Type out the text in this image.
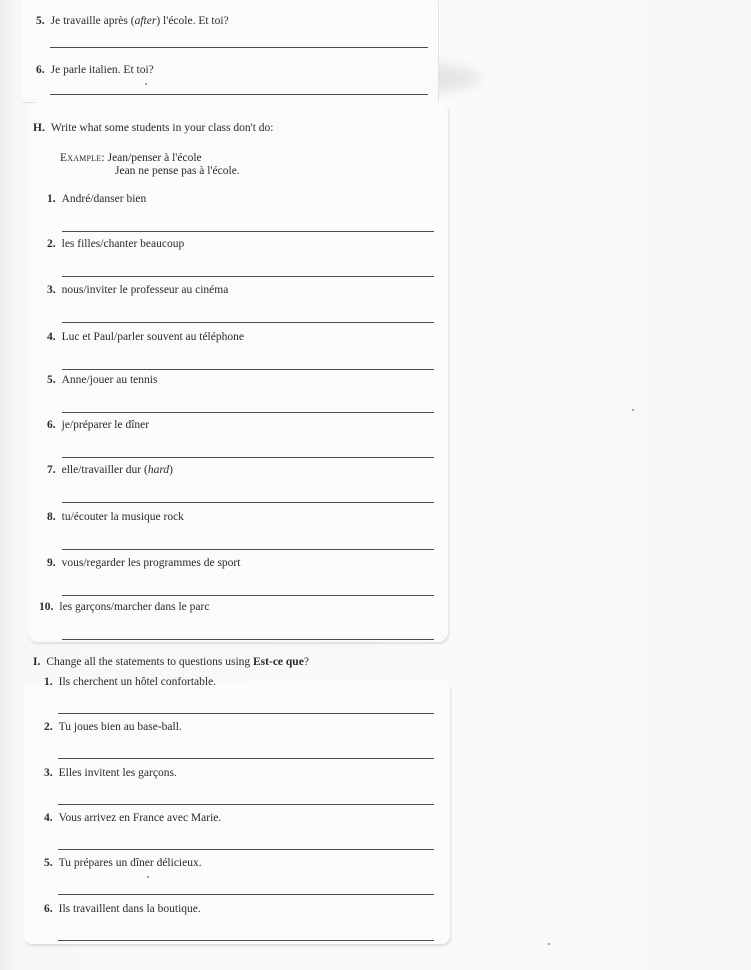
5. Je travaille après (after) l'école. Et toi?
6. Je parle italien. Et toi?
H. Write what some students in your class don't do:
Example: Jean/penser à l'école
Jean ne pense pas à l'école.
1. André/danser bien
2. les filles/chanter beaucoup
3. nous/inviter le professeur au cinéma
4. Luc et Paul/parler souvent au téléphone
5. Anne/jouer au tennis
6. je/préparer le dîner
7. elle/travailler dur (hard)
8. tu/écouter la musique rock
9. vous/regarder les programmes de sport
10. les garçons/marcher dans le parc
I. Change all the statements to questions using Est-ce que?
1. Ils cherchent un hôtel confortable.
2. Tu joues bien au base-ball.
3. Elles invitent les garçons.
4. Vous arrivez en France avec Marie.
5. Tu prépares un dîner délicieux.
6. Ils travaillent dans la boutique.
